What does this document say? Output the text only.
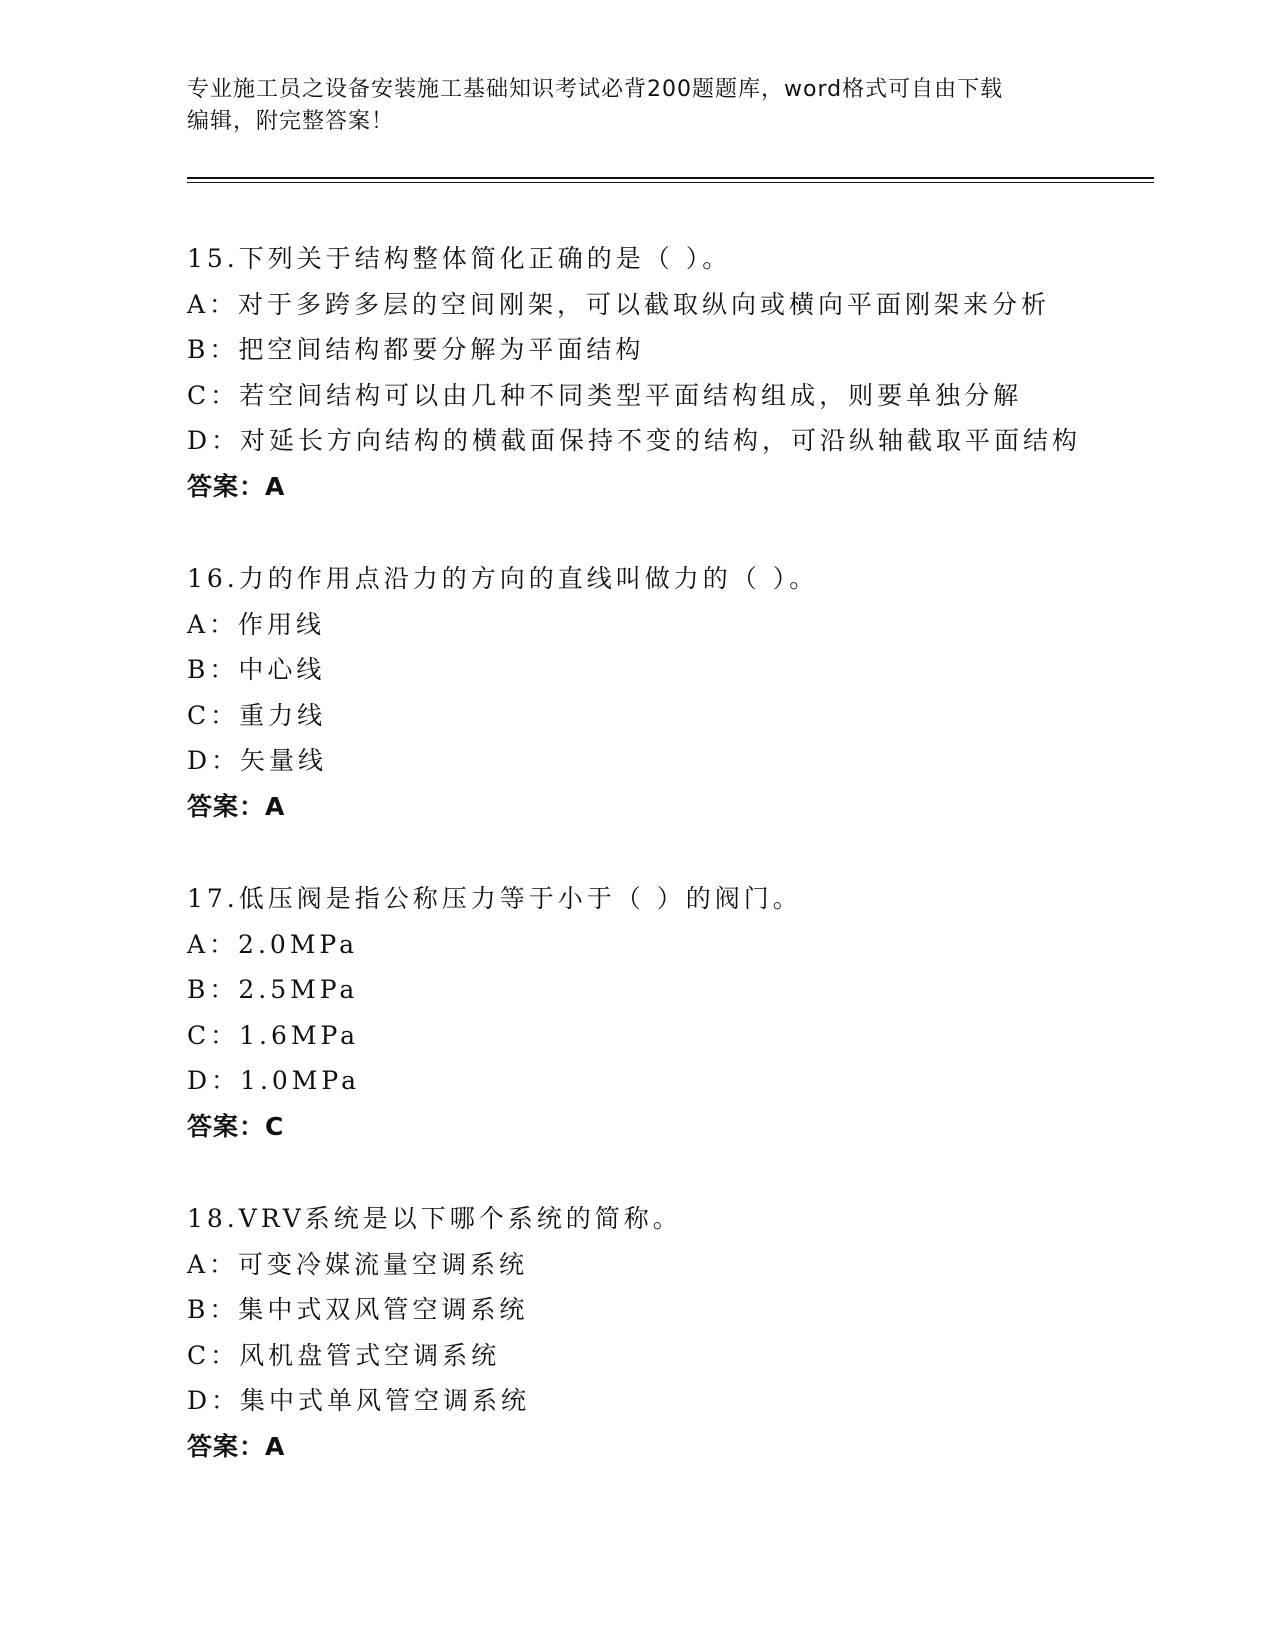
专业施工员之设备安装施工基础知识考试必背200题题库，word格式可自由下载
编辑，附完整答案！
15.下列关于结构整体简化正确的是（ ）。
A：对于多跨多层的空间刚架，可以截取纵向或横向平面刚架来分析
B：把空间结构都要分解为平面结构
C：若空间结构可以由几种不同类型平面结构组成，则要单独分解
D：对延长方向结构的横截面保持不变的结构，可沿纵轴截取平面结构
答案：A
16.力的作用点沿力的方向的直线叫做力的（ ）。
A：作用线
B：中心线
C：重力线
D：矢量线
答案：A
17.低压阀是指公称压力等于小于（ ）的阀门。
A：2.0MPa
B：2.5MPa
C：1.6MPa
D：1.0MPa
答案：C
18.VRV系统是以下哪个系统的简称。
A：可变冷媒流量空调系统
B：集中式双风管空调系统
C：风机盘管式空调系统
D：集中式单风管空调系统
答案：A
